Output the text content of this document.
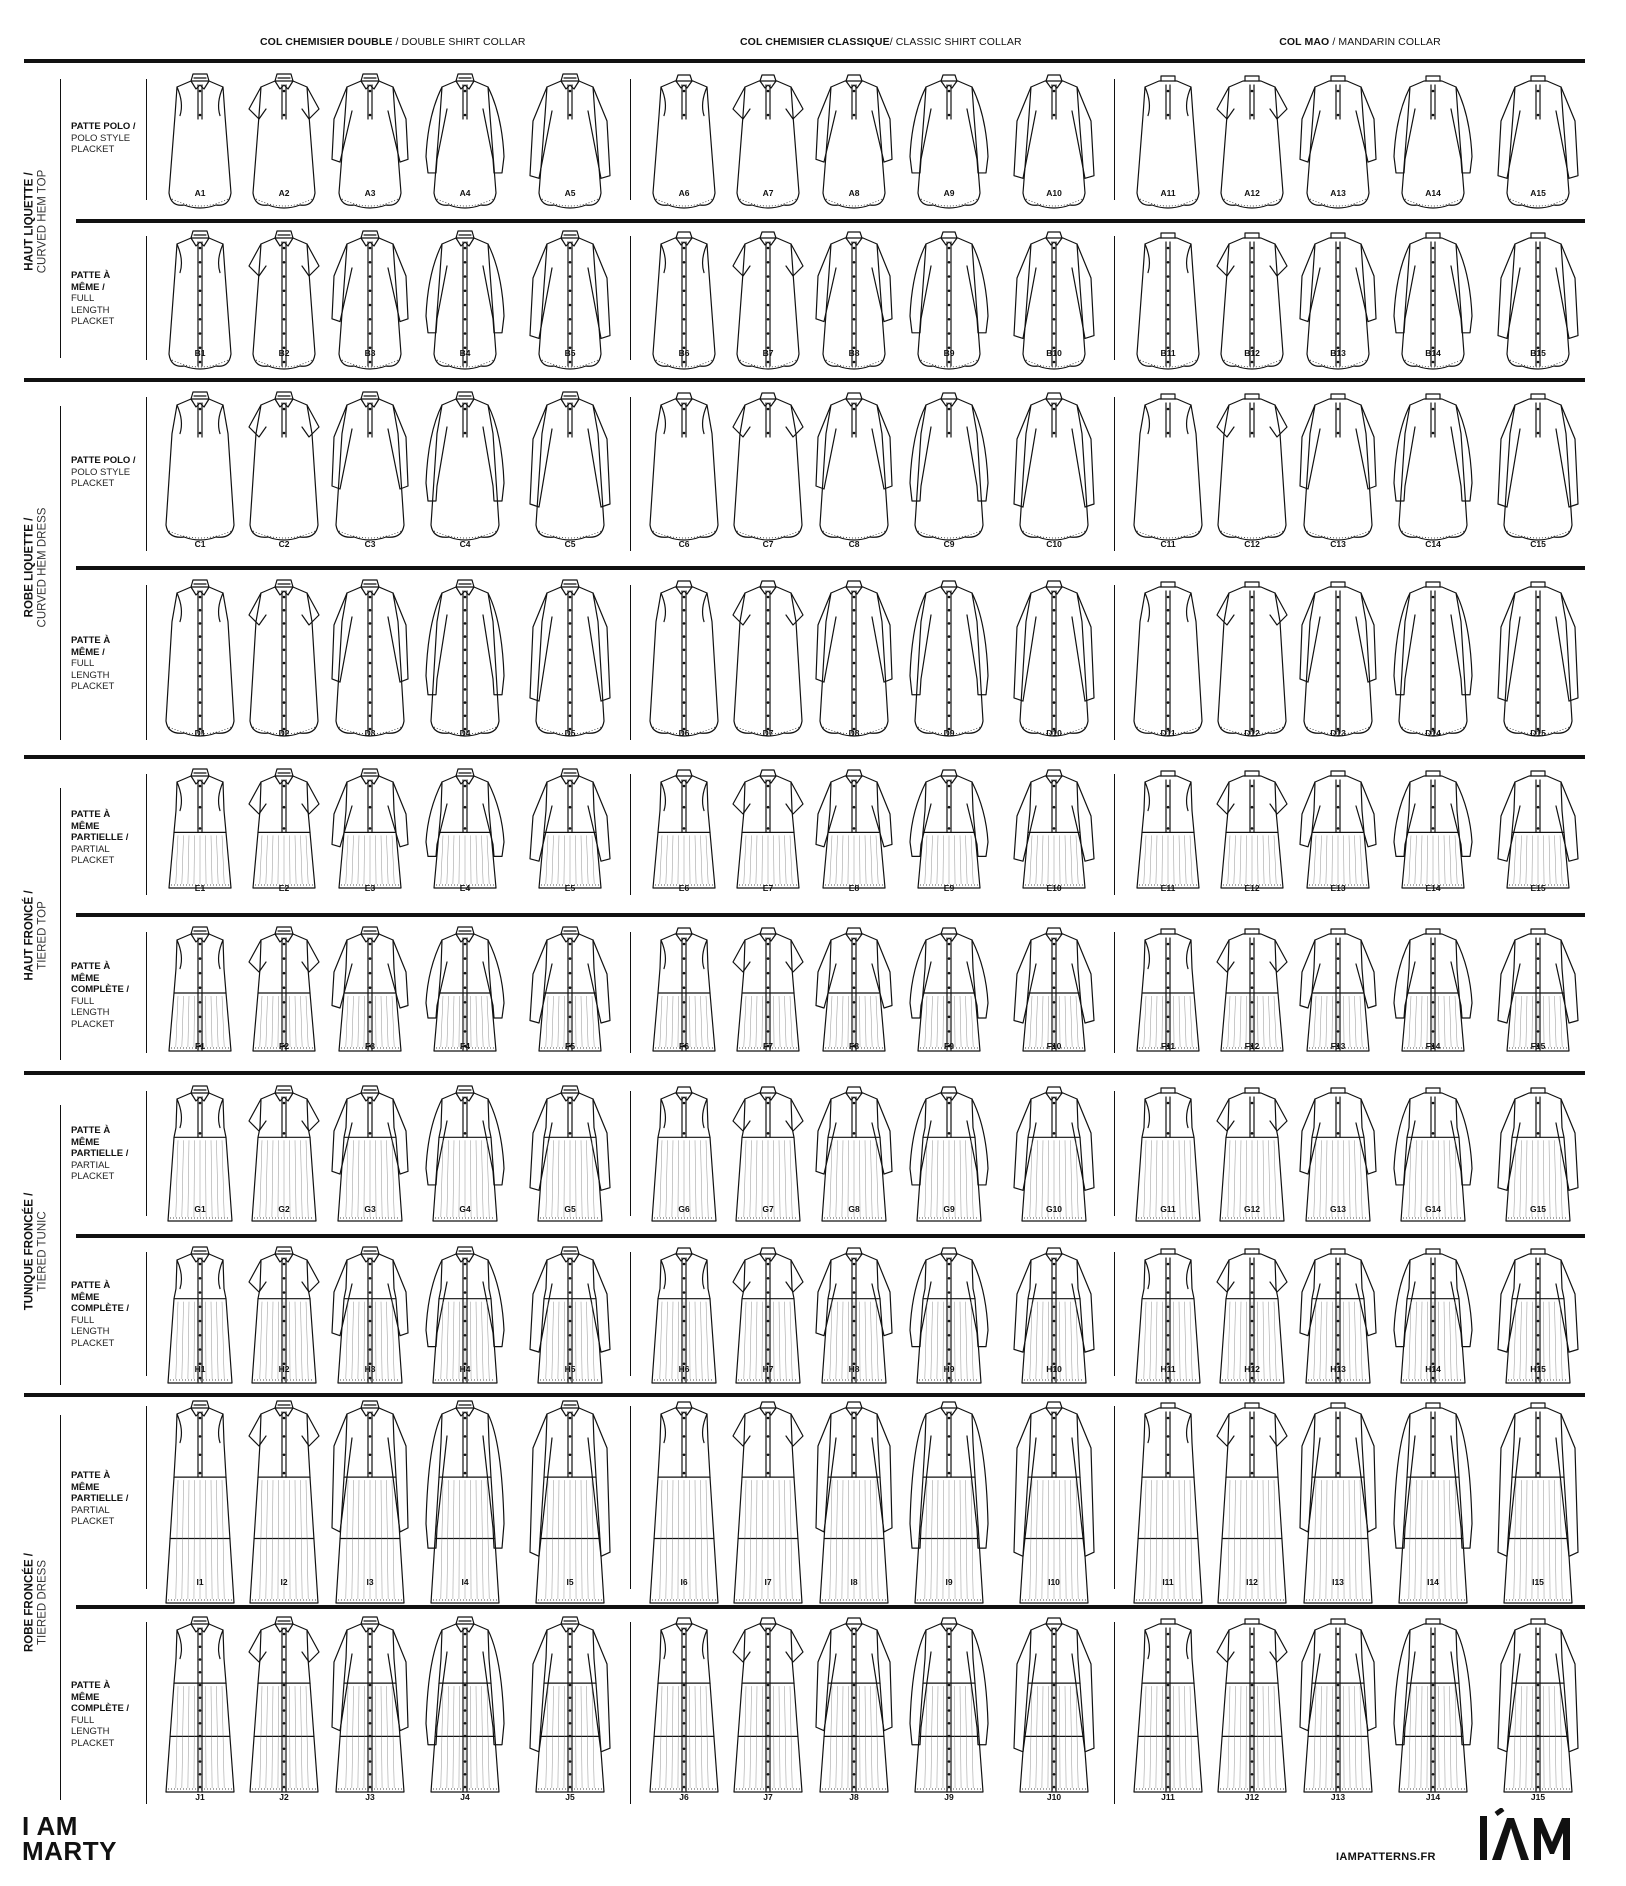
COL CHEMISIER DOUBLE / DOUBLE SHIRT COLLAR	COL CHEMISIER CLASSIQUE/ CLASSIC SHIRT COLLAR	COL MAO / MANDARIN COLLAR
HAUT LIQUETTE / CURVED HEM TOP
ROBE LIQUETTE / CURVED HEM DRESS
HAUT FRONCÉ / TIERED TOP
TUNIQUE FRONCÉE / TIERED TUNIC
ROBE FRONCÉE / TIERED DRESS
PATTE POLO /
POLO STYLE
PLACKET
PATTE À
MÊME /
FULL
LENGTH
PLACKET
PATTE POLO /
POLO STYLE
PLACKET
PATTE À
MÊME /
FULL
LENGTH
PLACKET
PATTE À
MÊME
PARTIELLE /
PARTIAL
PLACKET
PATTE À
MÊME
COMPLÈTE /
FULL
LENGTH
PLACKET
PATTE À
MÊME
PARTIELLE /
PARTIAL
PLACKET
PATTE À
MÊME
COMPLÈTE /
FULL
LENGTH
PLACKET
PATTE À
MÊME
PARTIELLE /
PARTIAL
PLACKET
PATTE À
MÊME
COMPLÈTE /
FULL
LENGTH
PLACKET
A1	A2	A3	A4	A5	A6	A7	A8	A9	A10	A11	A12	A13	A14	A15
B1	B2	B3	B4	B5	B6	B7	B8	B9	B10	B11	B12	B13	B14	B15
C1	C2	C3	C4	C5	C6	C7	C8	C9	C10	C11	C12	C13	C14	C15
D1	D2	D3	D4	D5	D6	D7	D8	D9	D10	D11	D12	D13	D14	D15
E1	E2	E3	E4	E5	E6	E7	E8	E9	E10	E11	E12	E13	E14	E15
F1	F2	F3	F4	F5	F6	F7	F8	F9	F10	F11	F12	F13	F14	F15
G1	G2	G3	G4	G5	G6	G7	G8	G9	G10	G11	G12	G13	G14	G15
H1	H2	H3	H4	H5	H6	H7	H8	H9	H10	H11	H12	H13	H14	H15
I1	I2	I3	I4	I5	I6	I7	I8	I9	I10	I11	I12	I13	I14	I15
J1	J2	J3	J4	J5	J6	J7	J8	J9	J10	J11	J12	J13	J14	J15
I AM
MARTY	IAMPATTERNS.FR
